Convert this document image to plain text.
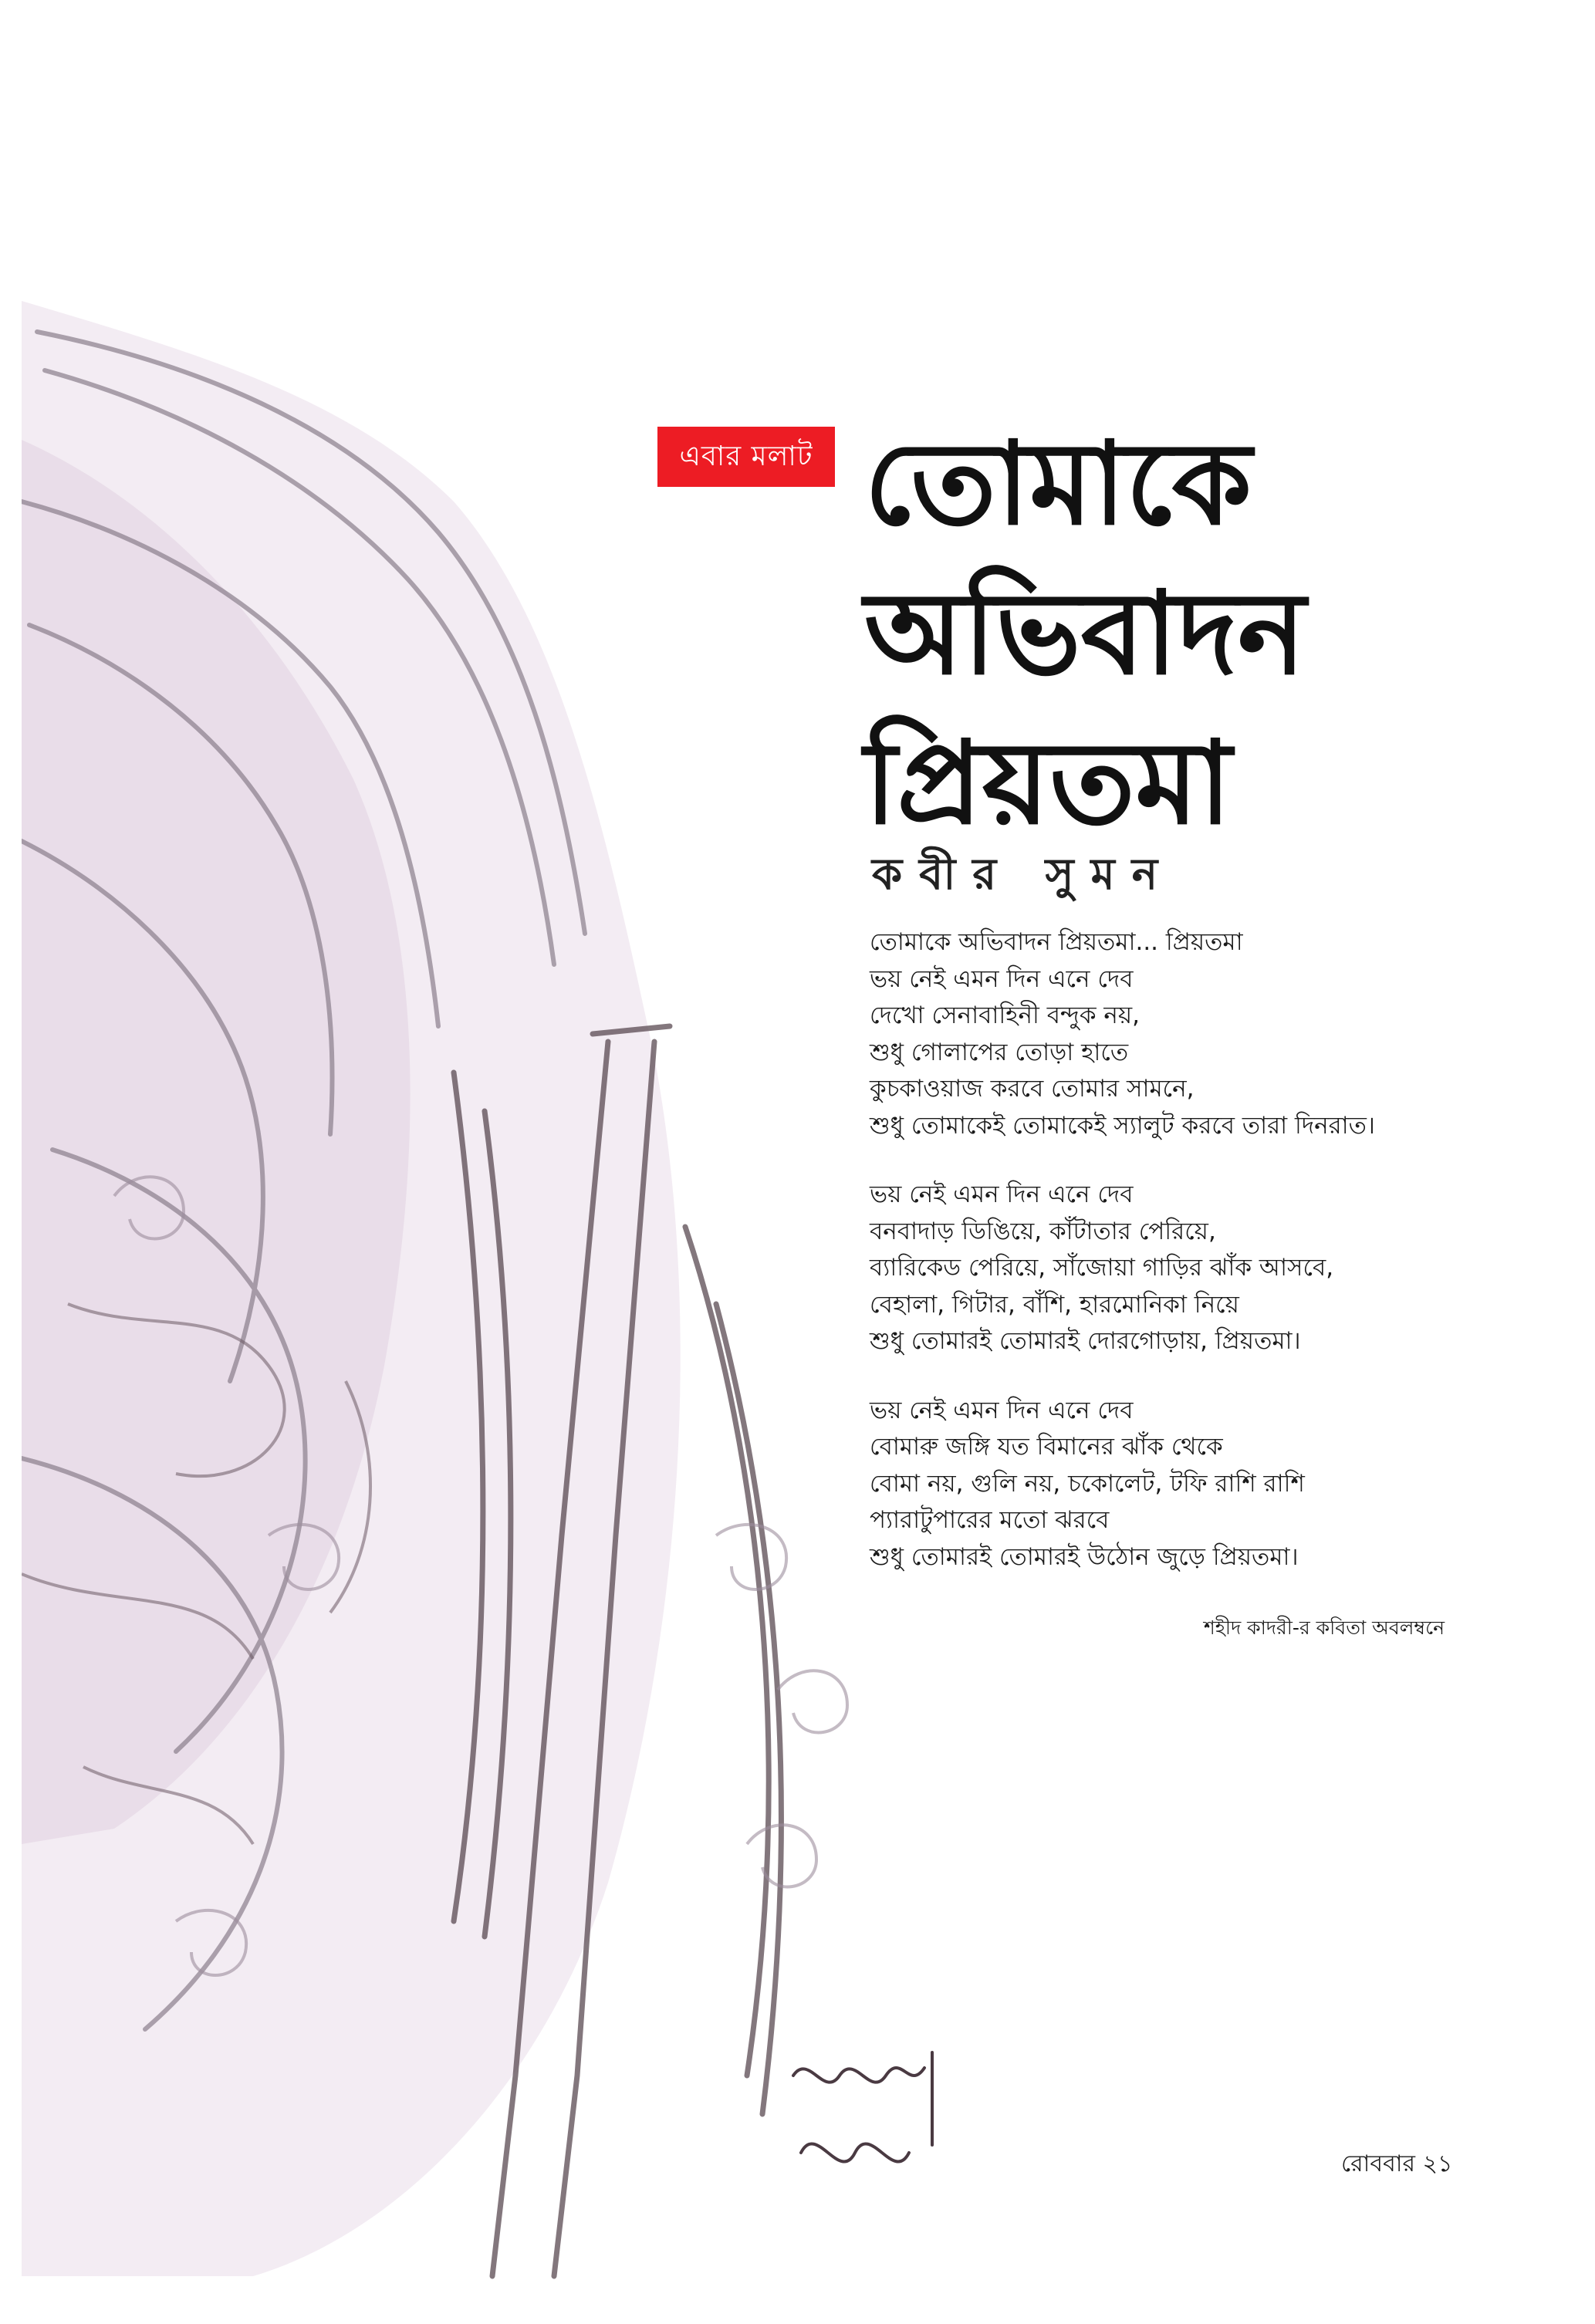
এবার মলাট তোমাকে
অভিবাদন
প্রিয়তমা
কবীর সুমন
তোমাকে অভিবাদন প্রিয়তমা... প্রিয়তমা
ভয় নেই এমন দিন এনে দেব
দেখো সেনাবাহিনী বন্দুক নয়,
শুধু গোলাপের তোড়া হাতে
কুচকাওয়াজ করবে তোমার সামনে,
শুধু তোমাকেই তোমাকেই স্যালুট করবে তারা দিনরাত।
ভয় নেই এমন দিন এনে দেব
বনবাদাড় ডিঙিয়ে, কাঁটাতার পেরিয়ে,
ব্যারিকেড পেরিয়ে, সাঁজোয়া গাড়ির ঝাঁক আসবে,
বেহালা, গিটার, বাঁশি, হারমোনিকা নিয়ে
শুধু তোমারই তোমারই দোরগোড়ায়, প্রিয়তমা।
ভয় নেই এমন দিন এনে দেব
বোমারু জঙ্গি যত বিমানের ঝাঁক থেকে
বোমা নয়, গুলি নয়, চকোলেট, টফি রাশি রাশি
প্যারাটুপারের মতো ঝরবে
শুধু তোমারই তোমারই উঠোন জুড়ে প্রিয়তমা।
শহীদ কাদরী-র কবিতা অবলম্বনে
রোববার ২১
